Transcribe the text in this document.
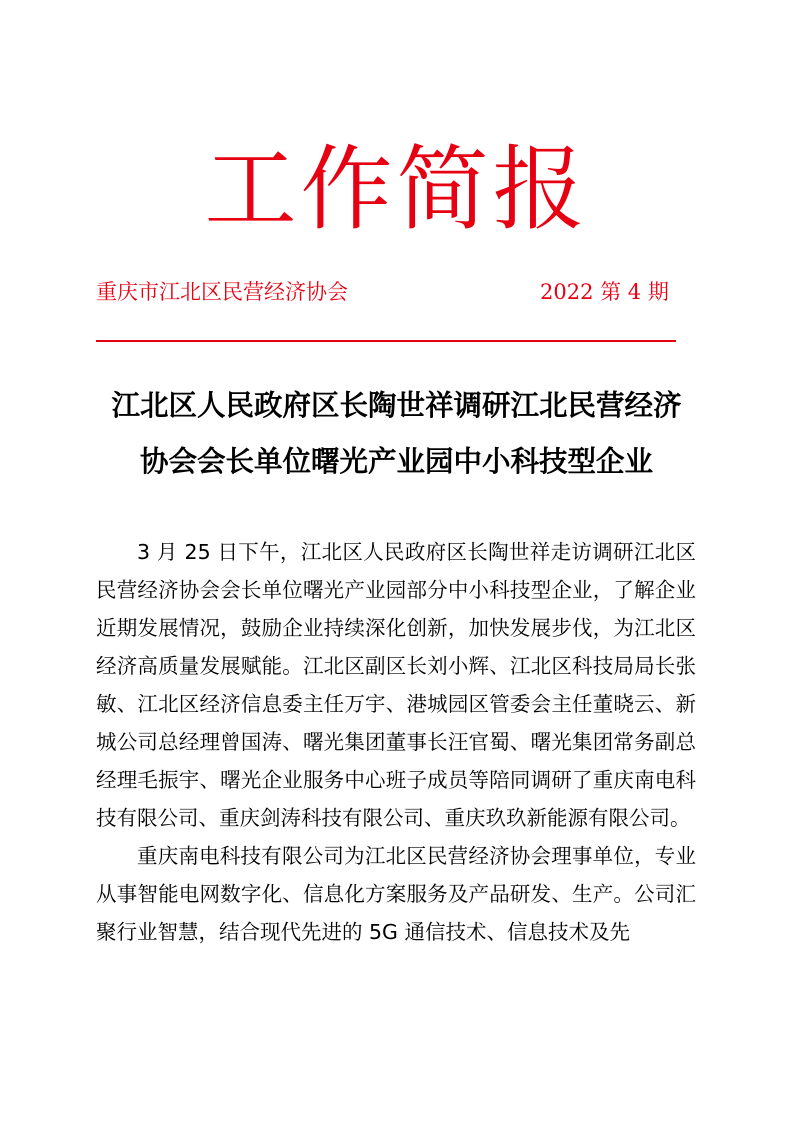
工作简报
重庆市江北区民营经济协会	2022 第 4 期
江北区人民政府区长陶世祥调研江北民营经济
协会会长单位曙光产业园中小科技型企业

3 月 25 日下午，江北区人民政府区长陶世祥走访调研江北区民营经济协会会长单位曙光产业园部分中小科技型企业，了解企业近期发展情况，鼓励企业持续深化创新，加快发展步伐，为江北区经济高质量发展赋能。江北区副区长刘小辉、江北区科技局局长张敏、江北区经济信息委主任万宇、港城园区管委会主任董晓云、新城公司总经理曾国涛、曙光集团董事长汪官蜀、曙光集团常务副总经理毛振宇、曙光企业服务中心班子成员等陪同调研了重庆南电科技有限公司、重庆剑涛科技有限公司、重庆玖玖新能源有限公司。

重庆南电科技有限公司为江北区民营经济协会理事单位，专业从事智能电网数字化、信息化方案服务及产品研发、生产。公司汇聚行业智慧，结合现代先进的 5G 通信技术、信息技术及先
